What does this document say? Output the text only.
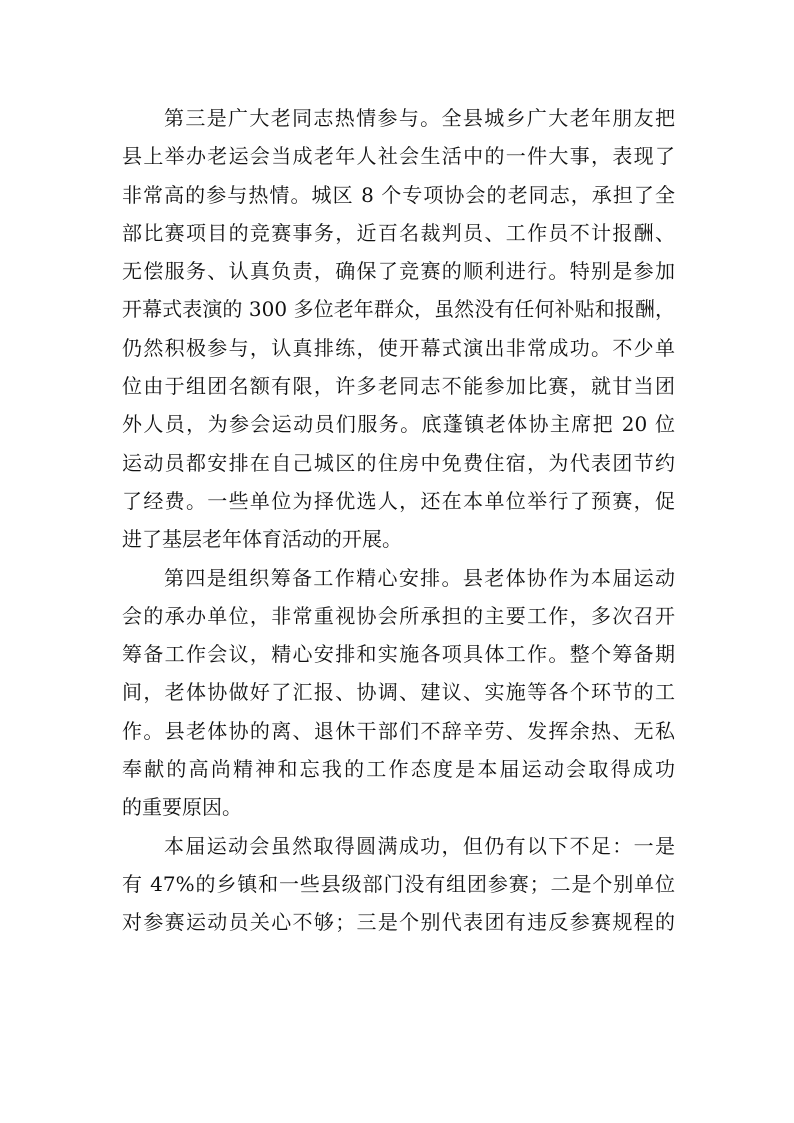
第三是广大老同志热情参与。全县城乡广大老年朋友把
县上举办老运会当成老年人社会生活中的一件大事，表现了
非常高的参与热情。城区 8 个专项协会的老同志，承担了全
部比赛项目的竞赛事务，近百名裁判员、工作员不计报酬、
无偿服务、认真负责，确保了竞赛的顺利进行。特别是参加
开幕式表演的 300 多位老年群众，虽然没有任何补贴和报酬，
仍然积极参与，认真排练，使开幕式演出非常成功。不少单
位由于组团名额有限，许多老同志不能参加比赛，就甘当团
外人员，为参会运动员们服务。底蓬镇老体协主席把 20 位
运动员都安排在自己城区的住房中免费住宿，为代表团节约
了经费。一些单位为择优选人，还在本单位举行了预赛，促
进了基层老年体育活动的开展。
第四是组织筹备工作精心安排。县老体协作为本届运动
会的承办单位，非常重视协会所承担的主要工作，多次召开
筹备工作会议，精心安排和实施各项具体工作。整个筹备期
间，老体协做好了汇报、协调、建议、实施等各个环节的工
作。县老体协的离、退休干部们不辞辛劳、发挥余热、无私
奉献的高尚精神和忘我的工作态度是本届运动会取得成功
的重要原因。
本届运动会虽然取得圆满成功，但仍有以下不足：一是
有 47%的乡镇和一些县级部门没有组团参赛；二是个别单位
对参赛运动员关心不够；三是个别代表团有违反参赛规程的
